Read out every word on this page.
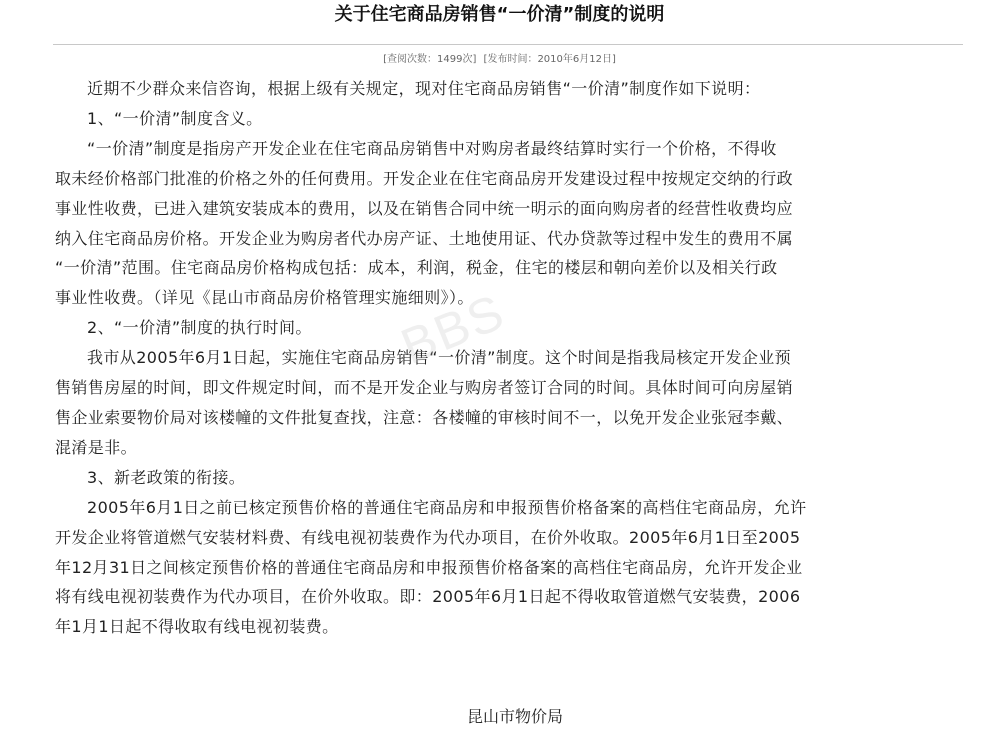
关于住宅商品房销售“一价清”制度的说明
[查阅次数：1499次] [发布时间：2010年6月12日]

近期不少群众来信咨询，根据上级有关规定，现对住宅商品房销售“一价清”制度作如下说明：

1、“一价清”制度含义。

“一价清”制度是指房产开发企业在住宅商品房销售中对购房者最终结算时实行一个价格，不得收

取未经价格部门批准的价格之外的任何费用。开发企业在住宅商品房开发建设过程中按规定交纳的行政

事业性收费，已进入建筑安装成本的费用，以及在销售合同中统一明示的面向购房者的经营性收费均应

纳入住宅商品房价格。开发企业为购房者代办房产证、土地使用证、代办贷款等过程中发生的费用不属

“一价清”范围。住宅商品房价格构成包括：成本，利润，税金，住宅的楼层和朝向差价以及相关行政

事业性收费。（详见《昆山市商品房价格管理实施细则》）。

2、“一价清”制度的执行时间。

我市从2005年6月1日起，实施住宅商品房销售“一价清”制度。这个时间是指我局核定开发企业预

售销售房屋的时间，即文件规定时间，而不是开发企业与购房者签订合同的时间。具体时间可向房屋销

售企业索要物价局对该楼幢的文件批复查找，注意：各楼幢的审核时间不一，以免开发企业张冠李戴、

混淆是非。

3、新老政策的衔接。

2005年6月1日之前已核定预售价格的普通住宅商品房和申报预售价格备案的高档住宅商品房，允许

开发企业将管道燃气安装材料费、有线电视初装费作为代办项目，在价外收取。2005年6月1日至2005

年12月31日之间核定预售价格的普通住宅商品房和申报预售价格备案的高档住宅商品房，允许开发企业

将有线电视初装费作为代办项目，在价外收取。即：2005年6月1日起不得收取管道燃气安装费，2006

年1月1日起不得收取有线电视初装费。

BBS
昆山市物价局
